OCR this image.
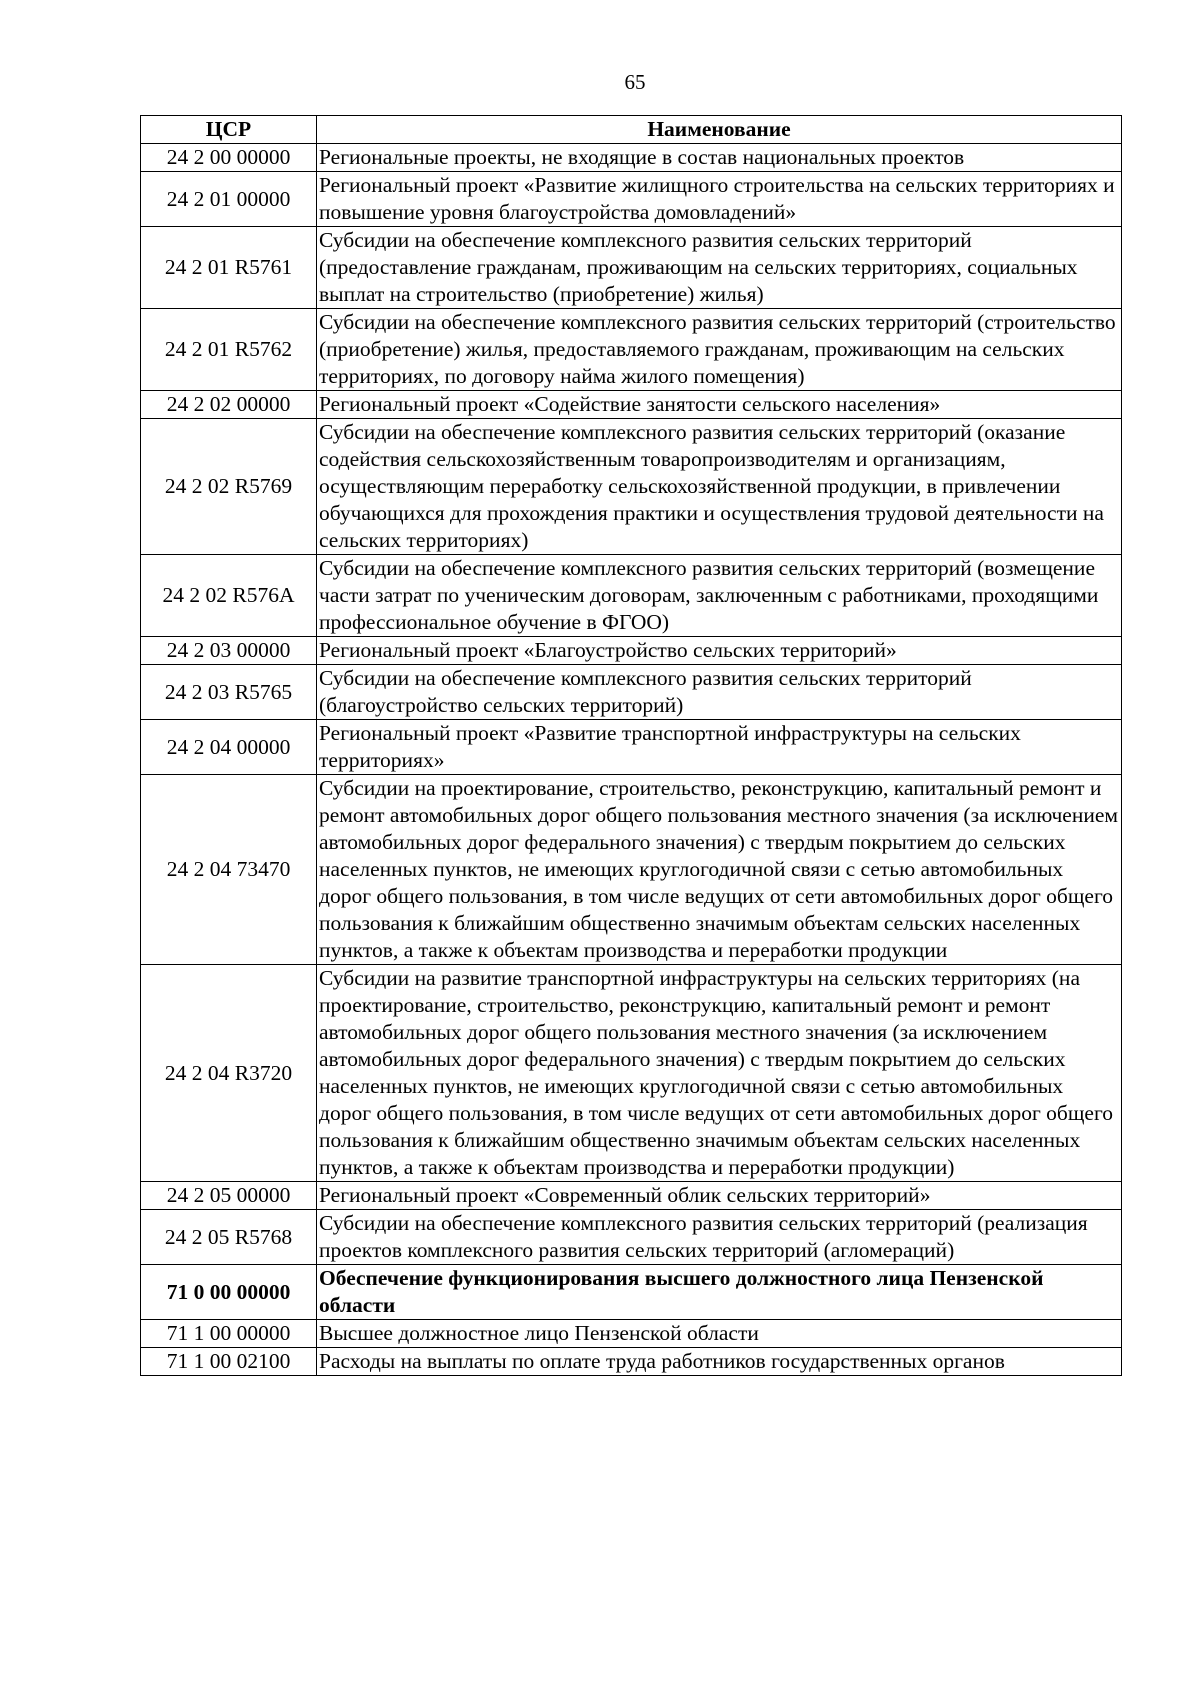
65
ЦСР	Наименование
24 2 00 00000	Региональные проекты, не входящие в состав национальных проектов
24 2 01 00000	Региональный проект «Развитие жилищного строительства на сельских территориях и повышение уровня благоустройства домовладений»
24 2 01 R5761	Субсидии на обеспечение комплексного развития сельских территорий (предоставление гражданам, проживающим на сельских территориях, социальных выплат на строительство (приобретение) жилья)
24 2 01 R5762	Субсидии на обеспечение комплексного развития сельских территорий (строительство (приобретение) жилья, предоставляемого гражданам, проживающим на сельских территориях, по договору найма жилого помещения)
24 2 02 00000	Региональный проект «Содействие занятости сельского населения»
24 2 02 R5769	Субсидии на обеспечение комплексного развития сельских территорий (оказание содействия сельскохозяйственным товаропроизводителям и организациям, осуществляющим переработку сельскохозяйственной продукции, в привлечении обучающихся для прохождения практики и осуществления трудовой деятельности на сельских территориях)
24 2 02 R576A	Субсидии на обеспечение комплексного развития сельских территорий (возмещение части затрат по ученическим договорам, заключенным с работниками, проходящими профессиональное обучение в ФГОО)
24 2 03 00000	Региональный проект «Благоустройство сельских территорий»
24 2 03 R5765	Субсидии на обеспечение комплексного развития сельских территорий (благоустройство сельских территорий)
24 2 04 00000	Региональный проект «Развитие транспортной инфраструктуры на сельских территориях»
24 2 04 73470	Субсидии на проектирование, строительство, реконструкцию, капитальный ремонт и ремонт автомобильных дорог общего пользования местного значения (за исключением автомобильных дорог федерального значения) с твердым покрытием до сельских населенных пунктов, не имеющих круглогодичной связи с сетью автомобильных дорог общего пользования, в том числе ведущих от сети автомобильных дорог общего пользования к ближайшим общественно значимым объектам сельских населенных пунктов, а также к объектам производства и переработки продукции
24 2 04 R3720	Субсидии на развитие транспортной инфраструктуры на сельских территориях (на проектирование, строительство, реконструкцию, капитальный ремонт и ремонт автомобильных дорог общего пользования местного значения (за исключением автомобильных дорог федерального значения) с твердым покрытием до сельских населенных пунктов, не имеющих круглогодичной связи с сетью автомобильных дорог общего пользования, в том числе ведущих от сети автомобильных дорог общего пользования к ближайшим общественно значимым объектам сельских населенных пунктов, а также к объектам производства и переработки продукции)
24 2 05 00000	Региональный проект «Современный облик сельских территорий»
24 2 05 R5768	Субсидии на обеспечение комплексного развития сельских территорий (реализация проектов комплексного развития сельских территорий (агломераций)
71 0 00 00000	Обеспечение функционирования высшего должностного лица Пензенской области
71 1 00 00000	Высшее должностное лицо Пензенской области
71 1 00 02100	Расходы на выплаты по оплате труда работников государственных органов
